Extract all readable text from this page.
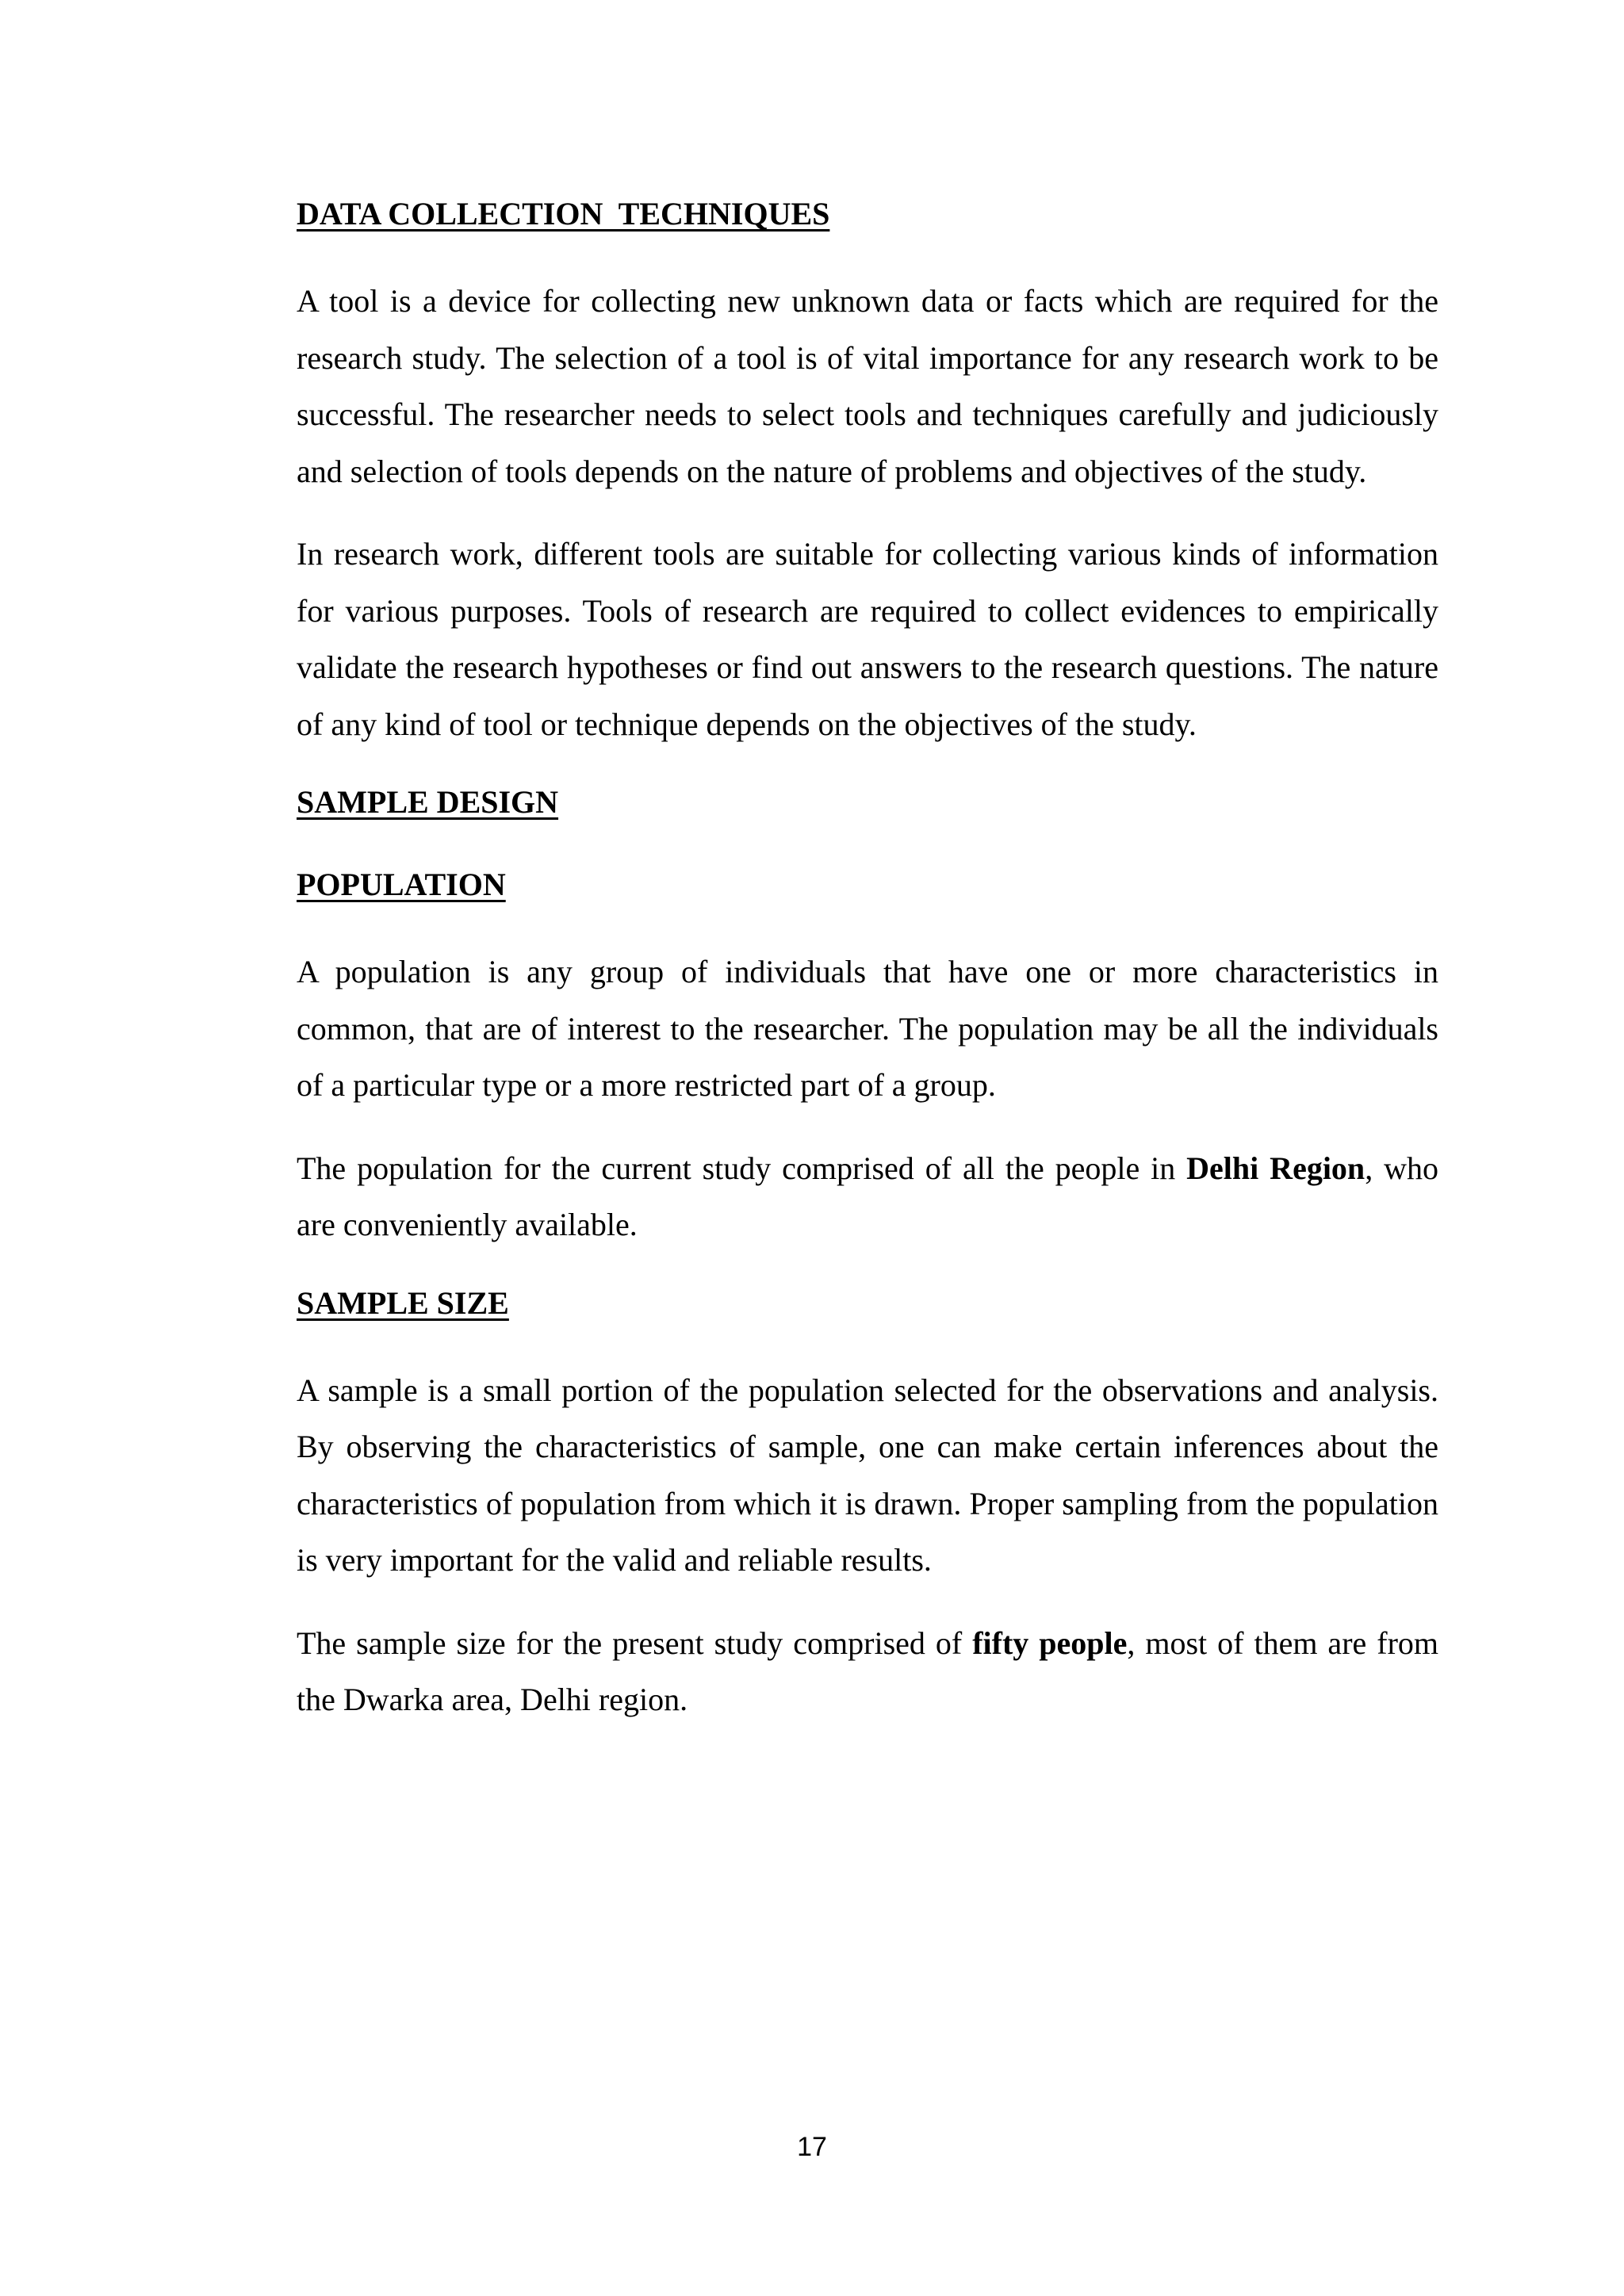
DATA COLLECTION  TECHNIQUES

A tool is a device for collecting new unknown data or facts which are required for the research study. The selection of a tool is of vital importance for any research work to be successful. The researcher needs to select tools and techniques carefully and judiciously and selection of tools depends on the nature of problems and objectives of the study.

In research work, different tools are suitable for collecting various kinds of information for various purposes. Tools of research are required to collect evidences to empirically validate the research hypotheses or find out answers to the research questions. The nature of any kind of tool or technique depends on the objectives of the study.

SAMPLE DESIGN
POPULATION

A population is any group of individuals that have one or more characteristics in common, that are of interest to the researcher. The population may be all the individuals of a particular type or a more restricted part of a group.

The population for the current study comprised of all the people in Delhi Region, who are conveniently available.

SAMPLE SIZE

A sample is a small portion of the population selected for the observations and analysis. By observing the characteristics of sample, one can make certain inferences about the characteristics of population from which it is drawn. Proper sampling from the population is very important for the valid and reliable results.

The sample size for the present study comprised of fifty people, most of them are from the Dwarka area, Delhi region.

17
